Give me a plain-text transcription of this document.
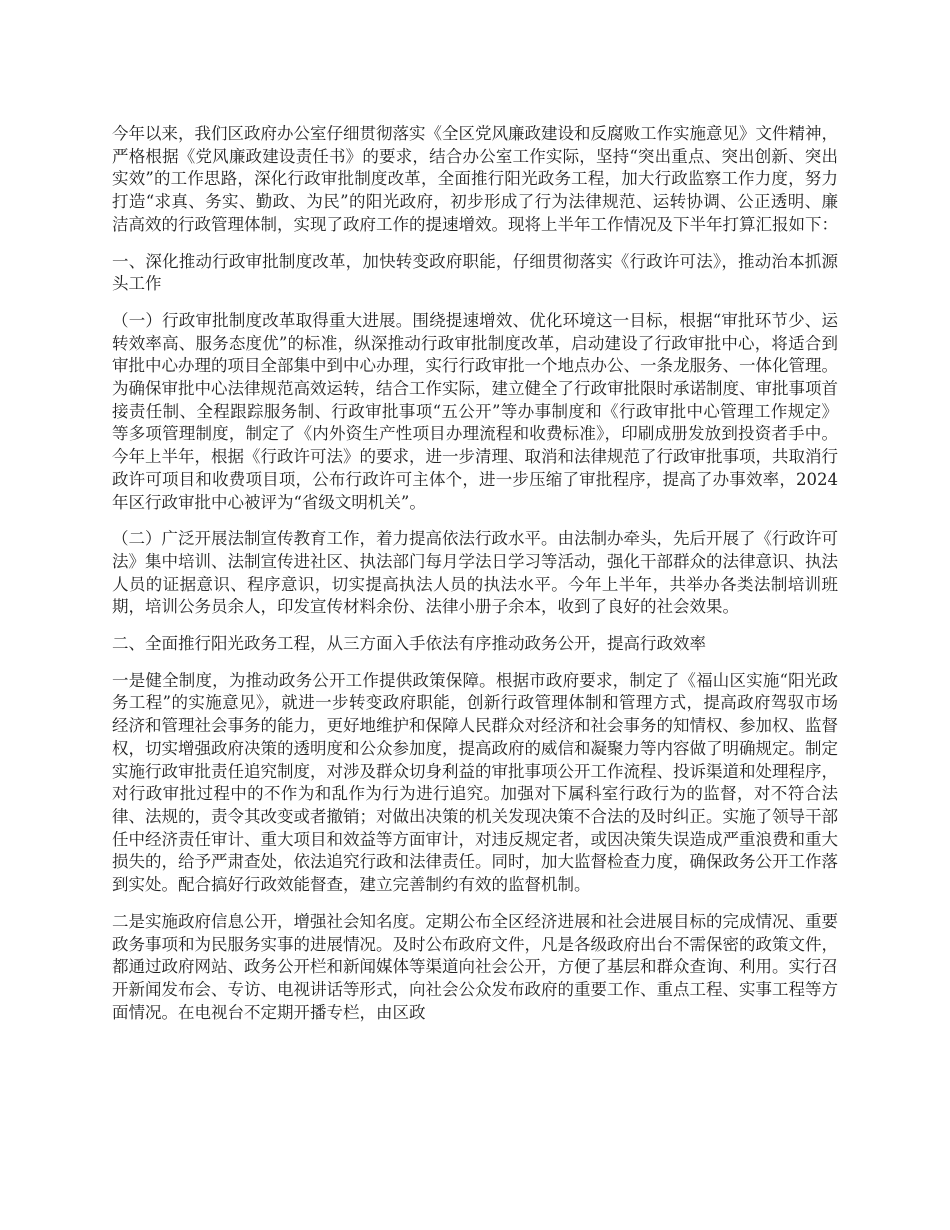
今年以来，我们区政府办公室仔细贯彻落实《全区党风廉政建设和反腐败工作实施意见》文件精神，严格根据《党风廉政建设责任书》的要求，结合办公室工作实际，坚持“突出重点、突出创新、突出实效”的工作思路，深化行政审批制度改革，全面推行阳光政务工程，加大行政监察工作力度，努力打造“求真、务实、勤政、为民”的阳光政府，初步形成了行为法律规范、运转协调、公正透明、廉洁高效的行政管理体制，实现了政府工作的提速增效。现将上半年工作情况及下半年打算汇报如下：

一、深化推动行政审批制度改革，加快转变政府职能，仔细贯彻落实《行政许可法》，推动治本抓源头工作

（一）行政审批制度改革取得重大进展。围绕提速增效、优化环境这一目标，根据“审批环节少、运转效率高、服务态度优”的标准，纵深推动行政审批制度改革，启动建设了行政审批中心，将适合到审批中心办理的项目全部集中到中心办理，实行行政审批一个地点办公、一条龙服务、一体化管理。为确保审批中心法律规范高效运转，结合工作实际，建立健全了行政审批限时承诺制度、审批事项首接责任制、全程跟踪服务制、行政审批事项“五公开”等办事制度和《行政审批中心管理工作规定》等多项管理制度，制定了《内外资生产性项目办理流程和收费标准》，印刷成册发放到投资者手中。今年上半年，根据《行政许可法》的要求，进一步清理、取消和法律规范了行政审批事项，共取消行政许可项目和收费项目项，公布行政许可主体个，进一步压缩了审批程序，提高了办事效率，2024年区行政审批中心被评为“省级文明机关”。

（二）广泛开展法制宣传教育工作，着力提高依法行政水平。由法制办牵头，先后开展了《行政许可法》集中培训、法制宣传进社区、执法部门每月学法日学习等活动，强化干部群众的法律意识、执法人员的证据意识、程序意识，切实提高执法人员的执法水平。今年上半年，共举办各类法制培训班期，培训公务员余人，印发宣传材料余份、法律小册子余本，收到了良好的社会效果。

二、全面推行阳光政务工程，从三方面入手依法有序推动政务公开，提高行政效率

一是健全制度，为推动政务公开工作提供政策保障。根据市政府要求，制定了《福山区实施“阳光政务工程”的实施意见》，就进一步转变政府职能，创新行政管理体制和管理方式，提高政府驾驭市场经济和管理社会事务的能力，更好地维护和保障人民群众对经济和社会事务的知情权、参加权、监督权，切实增强政府决策的透明度和公众参加度，提高政府的威信和凝聚力等内容做了明确规定。制定实施行政审批责任追究制度，对涉及群众切身利益的审批事项公开工作流程、投诉渠道和处理程序，对行政审批过程中的不作为和乱作为行为进行追究。加强对下属科室行政行为的监督，对不符合法律、法规的，责令其改变或者撤销；对做出决策的机关发现决策不合法的及时纠正。实施了领导干部任中经济责任审计、重大项目和效益等方面审计，对违反规定者，或因决策失误造成严重浪费和重大损失的，给予严肃查处，依法追究行政和法律责任。同时，加大监督检查力度，确保政务公开工作落到实处。配合搞好行政效能督查，建立完善制约有效的监督机制。

二是实施政府信息公开，增强社会知名度。定期公布全区经济进展和社会进展目标的完成情况、重要政务事项和为民服务实事的进展情况。及时公布政府文件，凡是各级政府出台不需保密的政策文件，都通过政府网站、政务公开栏和新闻媒体等渠道向社会公开，方便了基层和群众查询、利用。实行召开新闻发布会、专访、电视讲话等形式，向社会公众发布政府的重要工作、重点工程、实事工程等方面情况。在电视台不定期开播专栏，由区政
